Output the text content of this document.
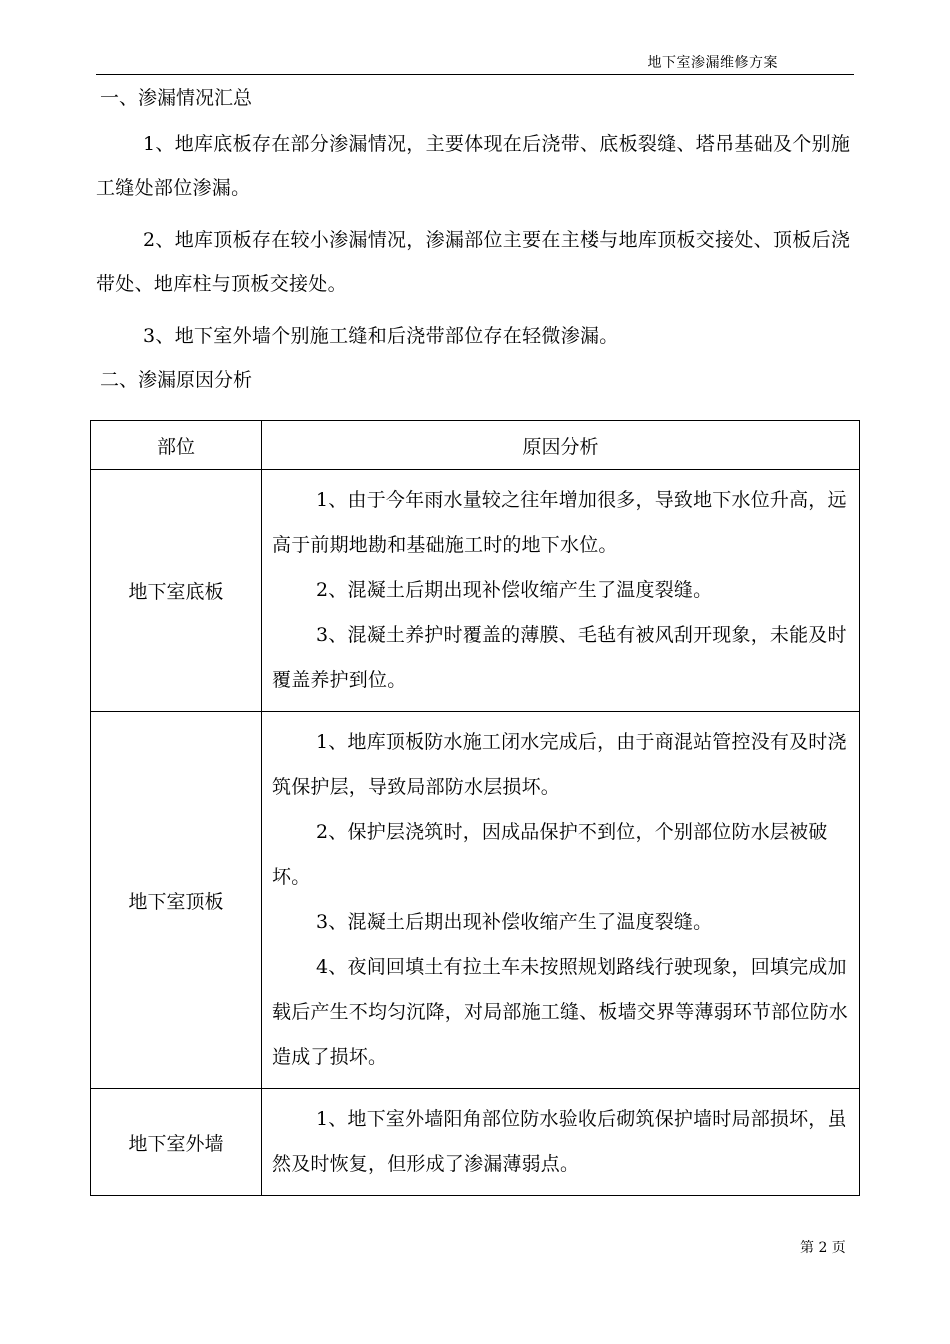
地下室渗漏维修方案

一、渗漏情况汇总

1、地库底板存在部分渗漏情况，主要体现在后浇带、底板裂缝、塔吊基础及个别施工缝处部位渗漏。

2、地库顶板存在较小渗漏情况，渗漏部位主要在主楼与地库顶板交接处、顶板后浇带处、地库柱与顶板交接处。

3、地下室外墙个别施工缝和后浇带部位存在轻微渗漏。

二、渗漏原因分析

部位	原因分析
地下室底板	1、由于今年雨水量较之往年增加很多，导致地下水位升高，远高于前期地勘和基础施工时的地下水位。

2、混凝土后期出现补偿收缩产生了温度裂缝。

3、混凝土养护时覆盖的薄膜、毛毡有被风刮开现象，未能及时覆盖养护到位。

地下室顶板	1、地库顶板防水施工闭水完成后，由于商混站管控没有及时浇筑保护层，导致局部防水层损坏。

2、保护层浇筑时，因成品保护不到位，个别部位防水层被破坏。

3、混凝土后期出现补偿收缩产生了温度裂缝。

4、夜间回填土有拉土车未按照规划路线行驶现象，回填完成加载后产生不均匀沉降，对局部施工缝、板墙交界等薄弱环节部位防水造成了损坏。

地下室外墙	1、地下室外墙阳角部位防水验收后砌筑保护墙时局部损坏，虽然及时恢复，但形成了渗漏薄弱点。

第 2 页
